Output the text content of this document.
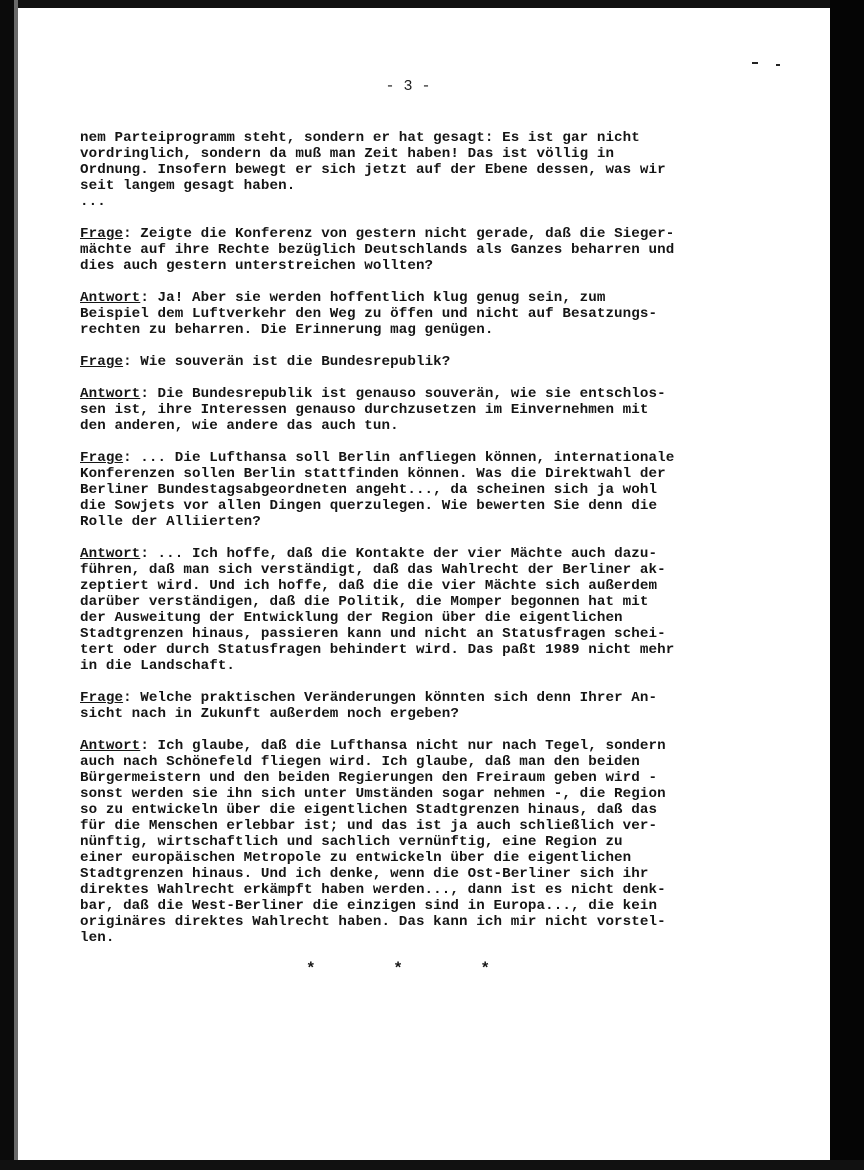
- 3 -
nem Parteiprogramm steht, sondern er hat gesagt: Es ist gar nicht
vordringlich, sondern da muß man Zeit haben! Das ist völlig in
Ordnung. Insofern bewegt er sich jetzt auf der Ebene dessen, was wir
seit langem gesagt haben.
...
Frage: Zeigte die Konferenz von gestern nicht gerade, daß die Sieger-
mächte auf ihre Rechte bezüglich Deutschlands als Ganzes beharren und
dies auch gestern unterstreichen wollten?
Antwort: Ja! Aber sie werden hoffentlich klug genug sein, zum
Beispiel dem Luftverkehr den Weg zu öffen und nicht auf Besatzungs-
rechten zu beharren. Die Erinnerung mag genügen.
Frage: Wie souverän ist die Bundesrepublik?
Antwort: Die Bundesrepublik ist genauso souverän, wie sie entschlos-
sen ist, ihre Interessen genauso durchzusetzen im Einvernehmen mit
den anderen, wie andere das auch tun.
Frage: ... Die Lufthansa soll Berlin anfliegen können, internationale
Konferenzen sollen Berlin stattfinden können. Was die Direktwahl der
Berliner Bundestagsabgeordneten angeht..., da scheinen sich ja wohl
die Sowjets vor allen Dingen querzulegen. Wie bewerten Sie denn die
Rolle der Alliierten?
Antwort: ... Ich hoffe, daß die Kontakte der vier Mächte auch dazu-
führen, daß man sich verständigt, daß das Wahlrecht der Berliner ak-
zeptiert wird. Und ich hoffe, daß die die vier Mächte sich außerdem
darüber verständigen, daß die Politik, die Momper begonnen hat mit
der Ausweitung der Entwicklung der Region über die eigentlichen
Stadtgrenzen hinaus, passieren kann und nicht an Statusfragen schei-
tert oder durch Statusfragen behindert wird. Das paßt 1989 nicht mehr
in die Landschaft.
Frage: Welche praktischen Veränderungen könnten sich denn Ihrer An-
sicht nach in Zukunft außerdem noch ergeben?
Antwort: Ich glaube, daß die Lufthansa nicht nur nach Tegel, sondern
auch nach Schönefeld fliegen wird. Ich glaube, daß man den beiden
Bürgermeistern und den beiden Regierungen den Freiraum geben wird -
sonst werden sie ihn sich unter Umständen sogar nehmen -, die Region
so zu entwickeln über die eigentlichen Stadtgrenzen hinaus, daß das
für die Menschen erlebbar ist; und das ist ja auch schließlich ver-
nünftig, wirtschaftlich und sachlich vernünftig, eine Region zu
einer europäischen Metropole zu entwickeln über die eigentlichen
Stadtgrenzen hinaus. Und ich denke, wenn die Ost-Berliner sich ihr
direktes Wahlrecht erkämpft haben werden..., dann ist es nicht denk-
bar, daß die West-Berliner die einzigen sind in Europa..., die kein
originäres direktes Wahlrecht haben. Das kann ich mir nicht vorstel-
len.
* * *
